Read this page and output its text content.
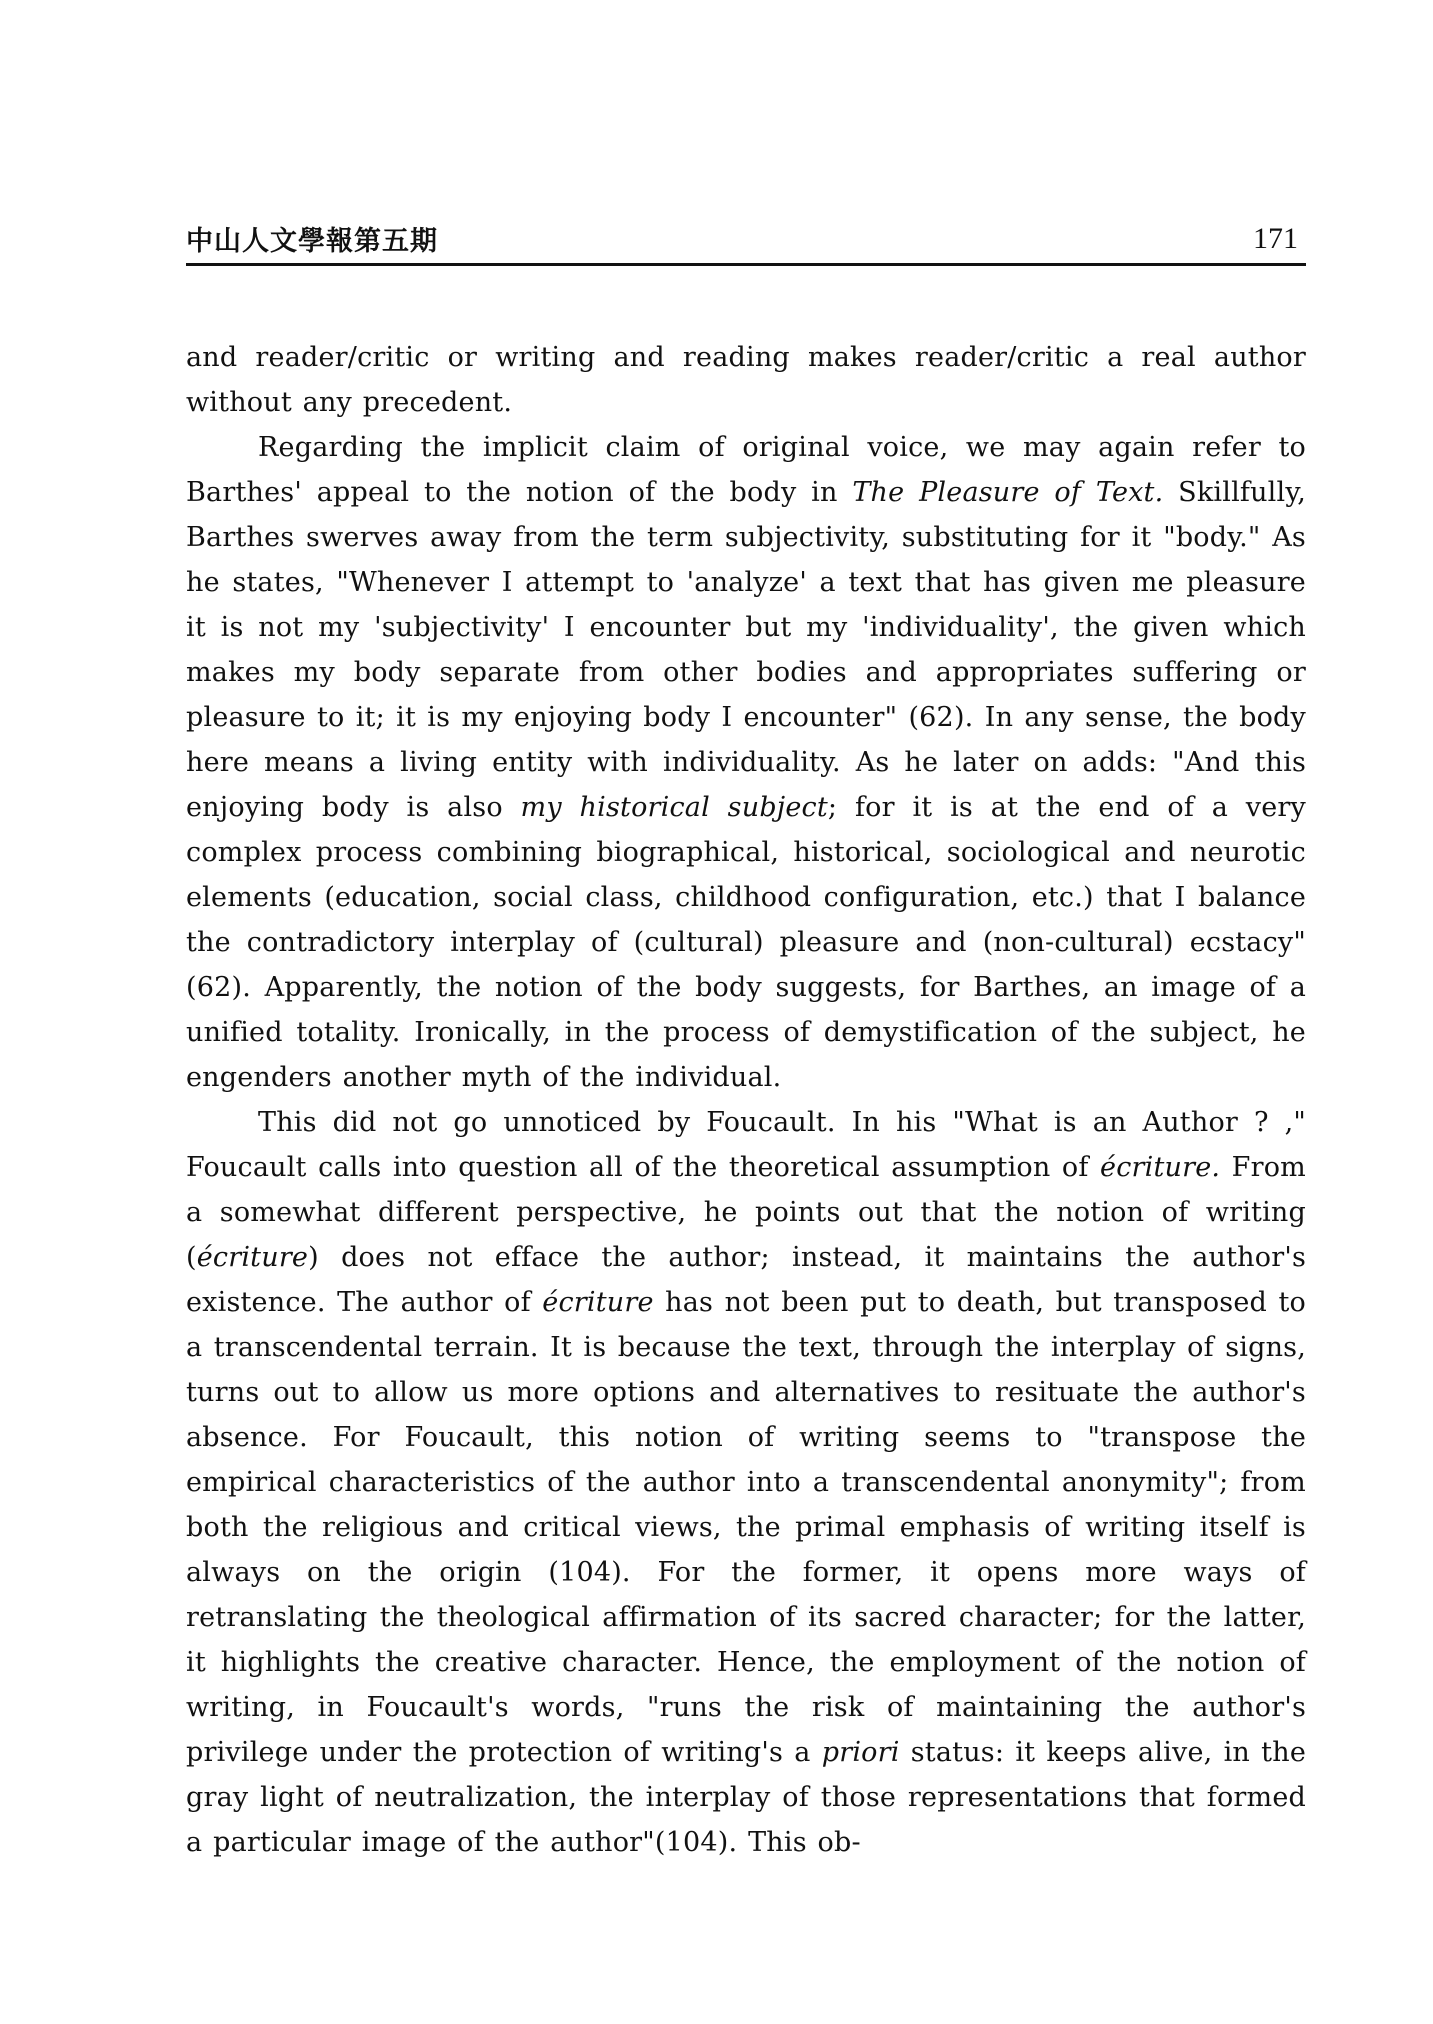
中山人文學報第五期	171

and reader/critic or writing and reading makes reader/critic a real author without any precedent.

Regarding the implicit claim of original voice, we may again refer to Barthes' appeal to the notion of the body in The Pleasure of Text. Skillfully, Barthes swerves away from the term subjectivity, substituting for it "body." As he states, "Whenever I attempt to 'analyze' a text that has given me pleasure it is not my 'subjectivity' I encounter but my 'individuality', the given which makes my body separate from other bodies and appropriates suffering or pleasure to it; it is my enjoying body I encounter" (62). In any sense, the body here means a living entity with individuality. As he later on adds: "And this enjoying body is also my historical subject; for it is at the end of a very complex process combining biographical, historical, sociological and neurotic elements (education, social class, childhood configuration, etc.) that I balance the contradictory interplay of (cultural) pleasure and (non-cultural) ecstacy" (62). Apparently, the notion of the body suggests, for Barthes, an image of a unified totality. Ironically, in the process of demystification of the subject, he engenders another myth of the individual.

This did not go unnoticed by Foucault. In his "What is an Author ? ," Foucault calls into question all of the theoretical assumption of écriture. From a somewhat different perspective, he points out that the notion of writing (écriture) does not efface the author; instead, it maintains the author's existence. The author of écriture has not been put to death, but transposed to a transcendental terrain. It is because the text, through the interplay of signs, turns out to allow us more options and alternatives to resituate the author's absence. For Foucault, this notion of writing seems to "transpose the empirical characteristics of the author into a transcendental anonymity"; from both the religious and critical views, the primal emphasis of writing itself is always on the origin (104). For the former, it opens more ways of retranslating the theological affirmation of its sacred character; for the latter, it highlights the creative character. Hence, the employment of the notion of writing, in Foucault's words, "runs the risk of maintaining the author's privilege under the protection of writing's a priori status: it keeps alive, in the gray light of neutralization, the interplay of those representations that formed a particular image of the author"(104). This ob-
